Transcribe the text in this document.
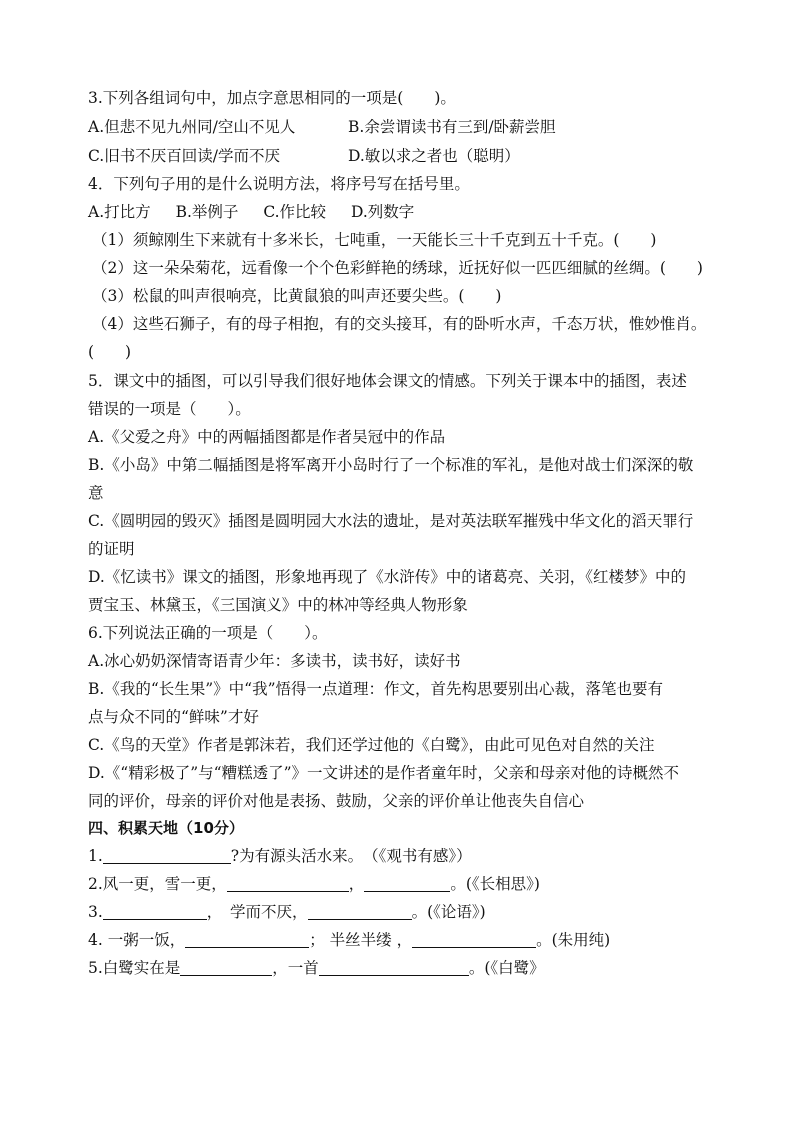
3.下列各组词句中，加点字意思相同的一项是(　　)。
A.但悲不见九州同/空山不见人	B.余尝谓读书有三到/卧薪尝胆
C.旧书不厌百回读/学而不厌	D.敏以求之者也（聪明）
4．下列句子用的是什么说明方法，将序号写在括号里。
A.打比方 B.举例子 C.作比较 D.列数字
（1）须鲸刚生下来就有十多米长，七吨重，一天能长三十千克到五十千克。(　　)
（2）这一朵朵菊花，远看像一个个色彩鲜艳的绣球，近抚好似一匹匹细腻的丝绸。(　　)
（3）松鼠的叫声很响亮，比黄鼠狼的叫声还要尖些。(　　)
（4）这些石狮子，有的母子相抱，有的交头接耳，有的卧听水声，千态万状，惟妙惟肖。
(　　)
5．课文中的插图，可以引导我们很好地体会课文的情感。下列关于课本中的插图，表述
错误的一项是（　　）。
A.《父爱之舟》中的两幅插图都是作者吴冠中的作品
B.《小岛》中第二幅插图是将军离开小岛时行了一个标准的军礼，是他对战士们深深的敬
意
C.《圆明园的毁灭》插图是圆明园大水法的遗址，是对英法联军摧残中华文化的滔天罪行
的证明
D.《忆读书》课文的插图，形象地再现了《水浒传》中的诸葛亮、关羽，《红楼梦》中的
贾宝玉、林黛玉，《三国演义》中的林冲等经典人物形象
6.下列说法正确的一项是（　　）。
A.冰心奶奶深情寄语青少年：多读书，读书好，读好书
B.《我的“长生果”》中“我”悟得一点道理：作文，首先构思要别出心裁，落笔也要有
点与众不同的“鲜味”才好
C.《鸟的天堂》作者是郭沫若，我们还学过他的《白鹭》，由此可见色对自然的关注
D.《“精彩极了”与“糟糕透了”》一文讲述的是作者童年时，父亲和母亲对他的诗概然不
同的评价，母亲的评价对他是表扬、鼓励，父亲的评价单让他丧失自信心
四、积累天地（10分）
1.	?为有源头活水来。　（《观书有感》）
2.风一更，雪一更，	，	。(《长相思》)
3.	，　学而不厌，	。(《论语》)
4. 一粥一饭，	； 半丝半缕 ，	。(朱用纯)
5.白鹭实在是	，一首	。(《白鹭》
